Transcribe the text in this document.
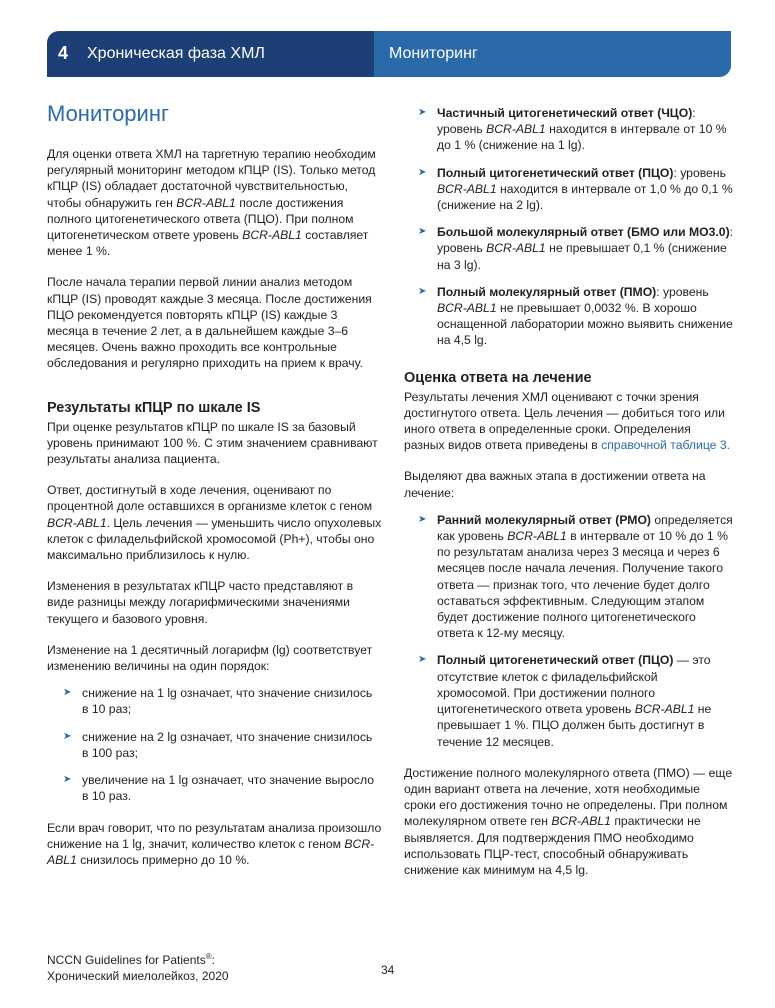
4 Хроническая фаза ХМЛ	Мониторинг
Мониторинг

Для оценки ответа ХМЛ на таргетную терапию необходим регулярный мониторинг методом кПЦР (IS). Только метод кПЦР (IS) обладает достаточной чувствительностью, чтобы обнаружить ген BCR-ABL1 после достижения полного цитогенетического ответа (ПЦО). При полном цитогенетическом ответе уровень BCR-ABL1 составляет менее 1 %.

После начала терапии первой линии анализ методом кПЦР (IS) проводят каждые 3 месяца. После достижения ПЦО рекомендуется повторять кПЦР (IS) каждые 3 месяца в течение 2 лет, а в дальнейшем каждые 3–6 месяцев. Очень важно проходить все контрольные обследования и регулярно приходить на прием к врачу.

Результаты кПЦР по шкале IS

При оценке результатов кПЦР по шкале IS за базовый уровень принимают 100 %. С этим значением сравнивают результаты анализа пациента.

Ответ, достигнутый в ходе лечения, оценивают по процентной доле оставшихся в организме клеток с геном BCR-ABL1. Цель лечения — уменьшить число опухолевых клеток с филадельфийской хромосомой (Ph+), чтобы оно максимально приблизилось к нулю.

Изменения в результатах кПЦР часто представляют в виде разницы между логарифмическими значениями текущего и базового уровня.

Изменение на 1 десятичный логарифм (lg) соответствует изменению величины на один порядок:

➤ снижение на 1 lg означает, что значение снизилось в 10 раз;
➤ снижение на 2 lg означает, что значение снизилось в 100 раз;
➤ увеличение на 1 lg означает, что значение выросло в 10 раз.

Если врач говорит, что по результатам анализа произошло снижение на 1 lg, значит, количество клеток с геном BCR-ABL1 снизилось примерно до 10 %.

➤ Частичный цитогенетический ответ (ЧЦО): уровень BCR-ABL1 находится в интервале от 10 % до 1 % (снижение на 1 lg).
➤ Полный цитогенетический ответ (ПЦО): уровень BCR-ABL1 находится в интервале от 1,0 % до 0,1 % (снижение на 2 lg).
➤ Большой молекулярный ответ (БМО или МО3.0): уровень BCR-ABL1 не превышает 0,1 % (снижение на 3 lg).
➤ Полный молекулярный ответ (ПМО): уровень BCR-ABL1 не превышает 0,0032 %. В хорошо оснащенной лаборатории можно выявить снижение на 4,5 lg.
Оценка ответа на лечение

Результаты лечения ХМЛ оценивают с точки зрения достигнутого ответа. Цель лечения — добиться того или иного ответа в определенные сроки. Определения разных видов ответа приведены в справочной таблице 3.

Выделяют два важных этапа в достижении ответа на лечение:

➤ Ранний молекулярный ответ (РМО) определяется как уровень BCR-ABL1 в интервале от 10 % до 1 % по результатам анализа через 3 месяца и через 6 месяцев после начала лечения. Получение такого ответа — признак того, что лечение будет долго оставаться эффективным. Следующим этапом будет достижение полного цитогенетического ответа к 12-му месяцу.
➤ Полный цитогенетический ответ (ПЦО) — это отсутствие клеток с филадельфийской хромосомой. При достижении полного цитогенетического ответа уровень BCR-ABL1 не превышает 1 %. ПЦО должен быть достигнут в течение 12 месяцев.

Достижение полного молекулярного ответа (ПМО) — еще один вариант ответа на лечение, хотя необходимые сроки его достижения точно не определены. При полном молекулярном ответе ген BCR-ABL1 практически не выявляется. Для подтверждения ПМО необходимо использовать ПЦР-тест, способный обнаруживать снижение как минимум на 4,5 lg.

NCCN Guidelines for Patients®:
Хронический миелолейкоз, 2020	34
